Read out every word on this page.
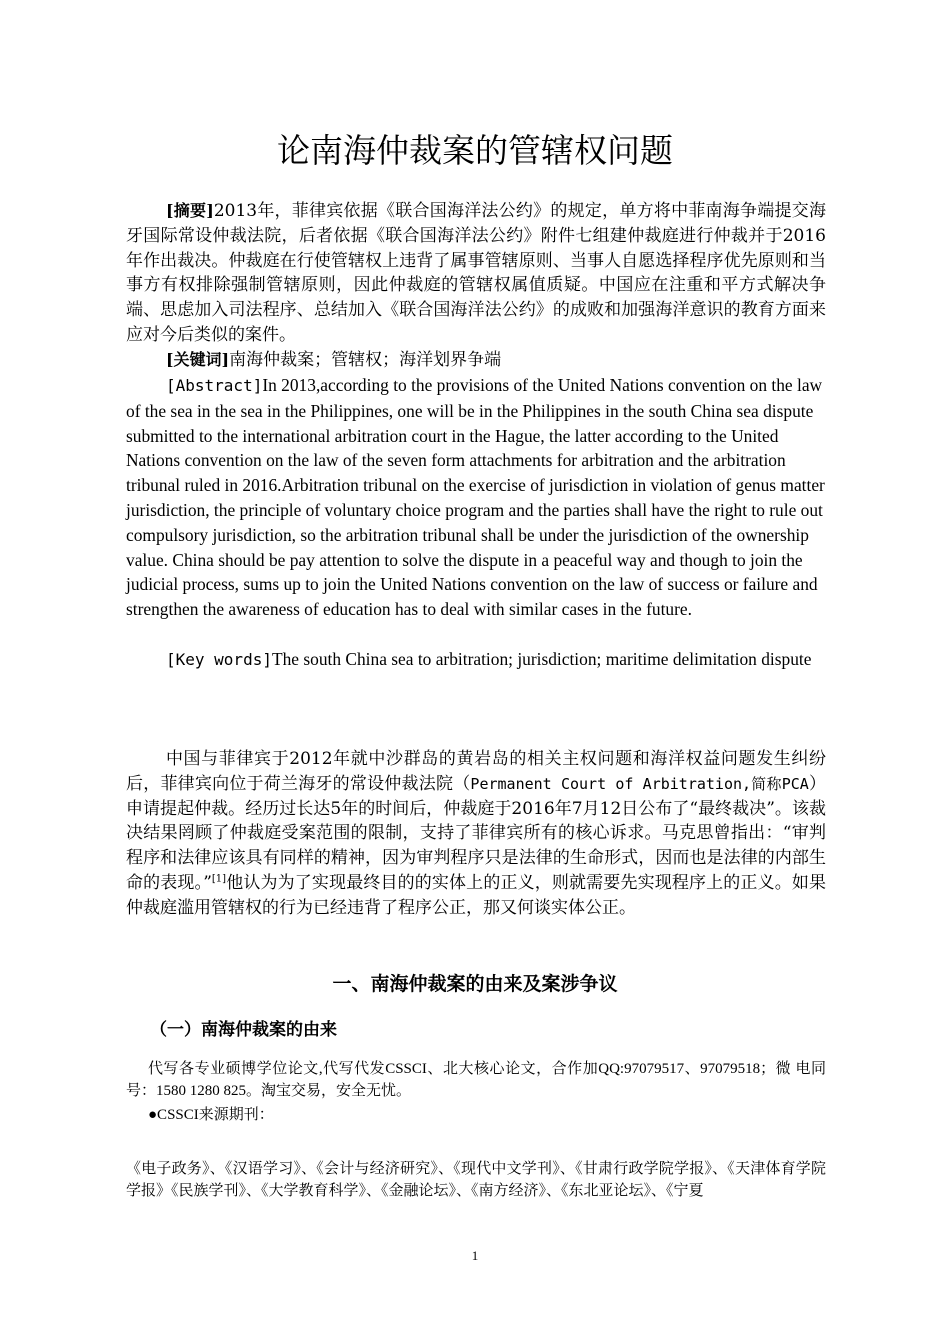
论南海仲裁案的管辖权问题

[摘要]2013年，菲律宾依据《联合国海洋法公约》的规定，单方将中菲南海争端提交海牙国际常设仲裁法院，后者依据《联合国海洋法公约》附件七组建仲裁庭进行仲裁并于2016年作出裁决。仲裁庭在行使管辖权上违背了属事管辖原则、当事人自愿选择程序优先原则和当事方有权排除强制管辖原则，因此仲裁庭的管辖权属值质疑。中国应在注重和平方式解决争端、思虑加入司法程序、总结加入《联合国海洋法公约》的成败和加强海洋意识的教育方面来应对今后类似的案件。

[关键词]南海仲裁案；管辖权；海洋划界争端

[Abstract]In 2013,according to the provisions of the United Nations convention on the law of the sea in the sea in the Philippines, one will be in the Philippines in the south China sea dispute submitted to the international arbitration court in the Hague, the latter according to the United Nations convention on the law of the seven form attachments for arbitration and the arbitration tribunal ruled in 2016.Arbitration tribunal on the exercise of jurisdiction in violation of genus matter jurisdiction, the principle of voluntary choice program and the parties shall have the right to rule out compulsory jurisdiction, so the arbitration tribunal shall be under the jurisdiction of the ownership value. China should be pay attention to solve the dispute in a peaceful way and though to join the judicial process, sums up to join the United Nations convention on the law of success or failure and strengthen the awareness of education has to deal with similar cases in the future.

[Key words]The south China sea to arbitration; jurisdiction; maritime delimitation dispute

中国与菲律宾于2012年就中沙群岛的黄岩岛的相关主权问题和海洋权益问题发生纠纷后，菲律宾向位于荷兰海牙的常设仲裁法院（Permanent Court of Arbitration,简称PCA）申请提起仲裁。经历过长达5年的时间后，仲裁庭于2016年7月12日公布了“最终裁决”。该裁决结果罔顾了仲裁庭受案范围的限制，支持了菲律宾所有的核心诉求。马克思曾指出：“审判程序和法律应该具有同样的精神，因为审判程序只是法律的生命形式，因而也是法律的内部生命的表现。”[1]他认为为了实现最终目的的实体上的正义，则就需要先实现程序上的正义。如果仲裁庭滥用管辖权的行为已经违背了程序公正，那又何谈实体公正。

一、南海仲裁案的由来及案涉争议
（一）南海仲裁案的由来

代写各专业硕博学位论文,代写代发CSSCI、北大核心论文，合作加QQ:97079517、97079518；微 电同号：1580 1280 825。淘宝交易，安全无忧。

●CSSCI来源期刊：

《电子政务》、《汉语学习》、《会计与经济研究》、《现代中文学刊》、《甘肃行政学院学报》、《天津体育学院学报》《民族学刊》、《大学教育科学》、《金融论坛》、《南方经济》、《东北亚论坛》、《宁夏

1
